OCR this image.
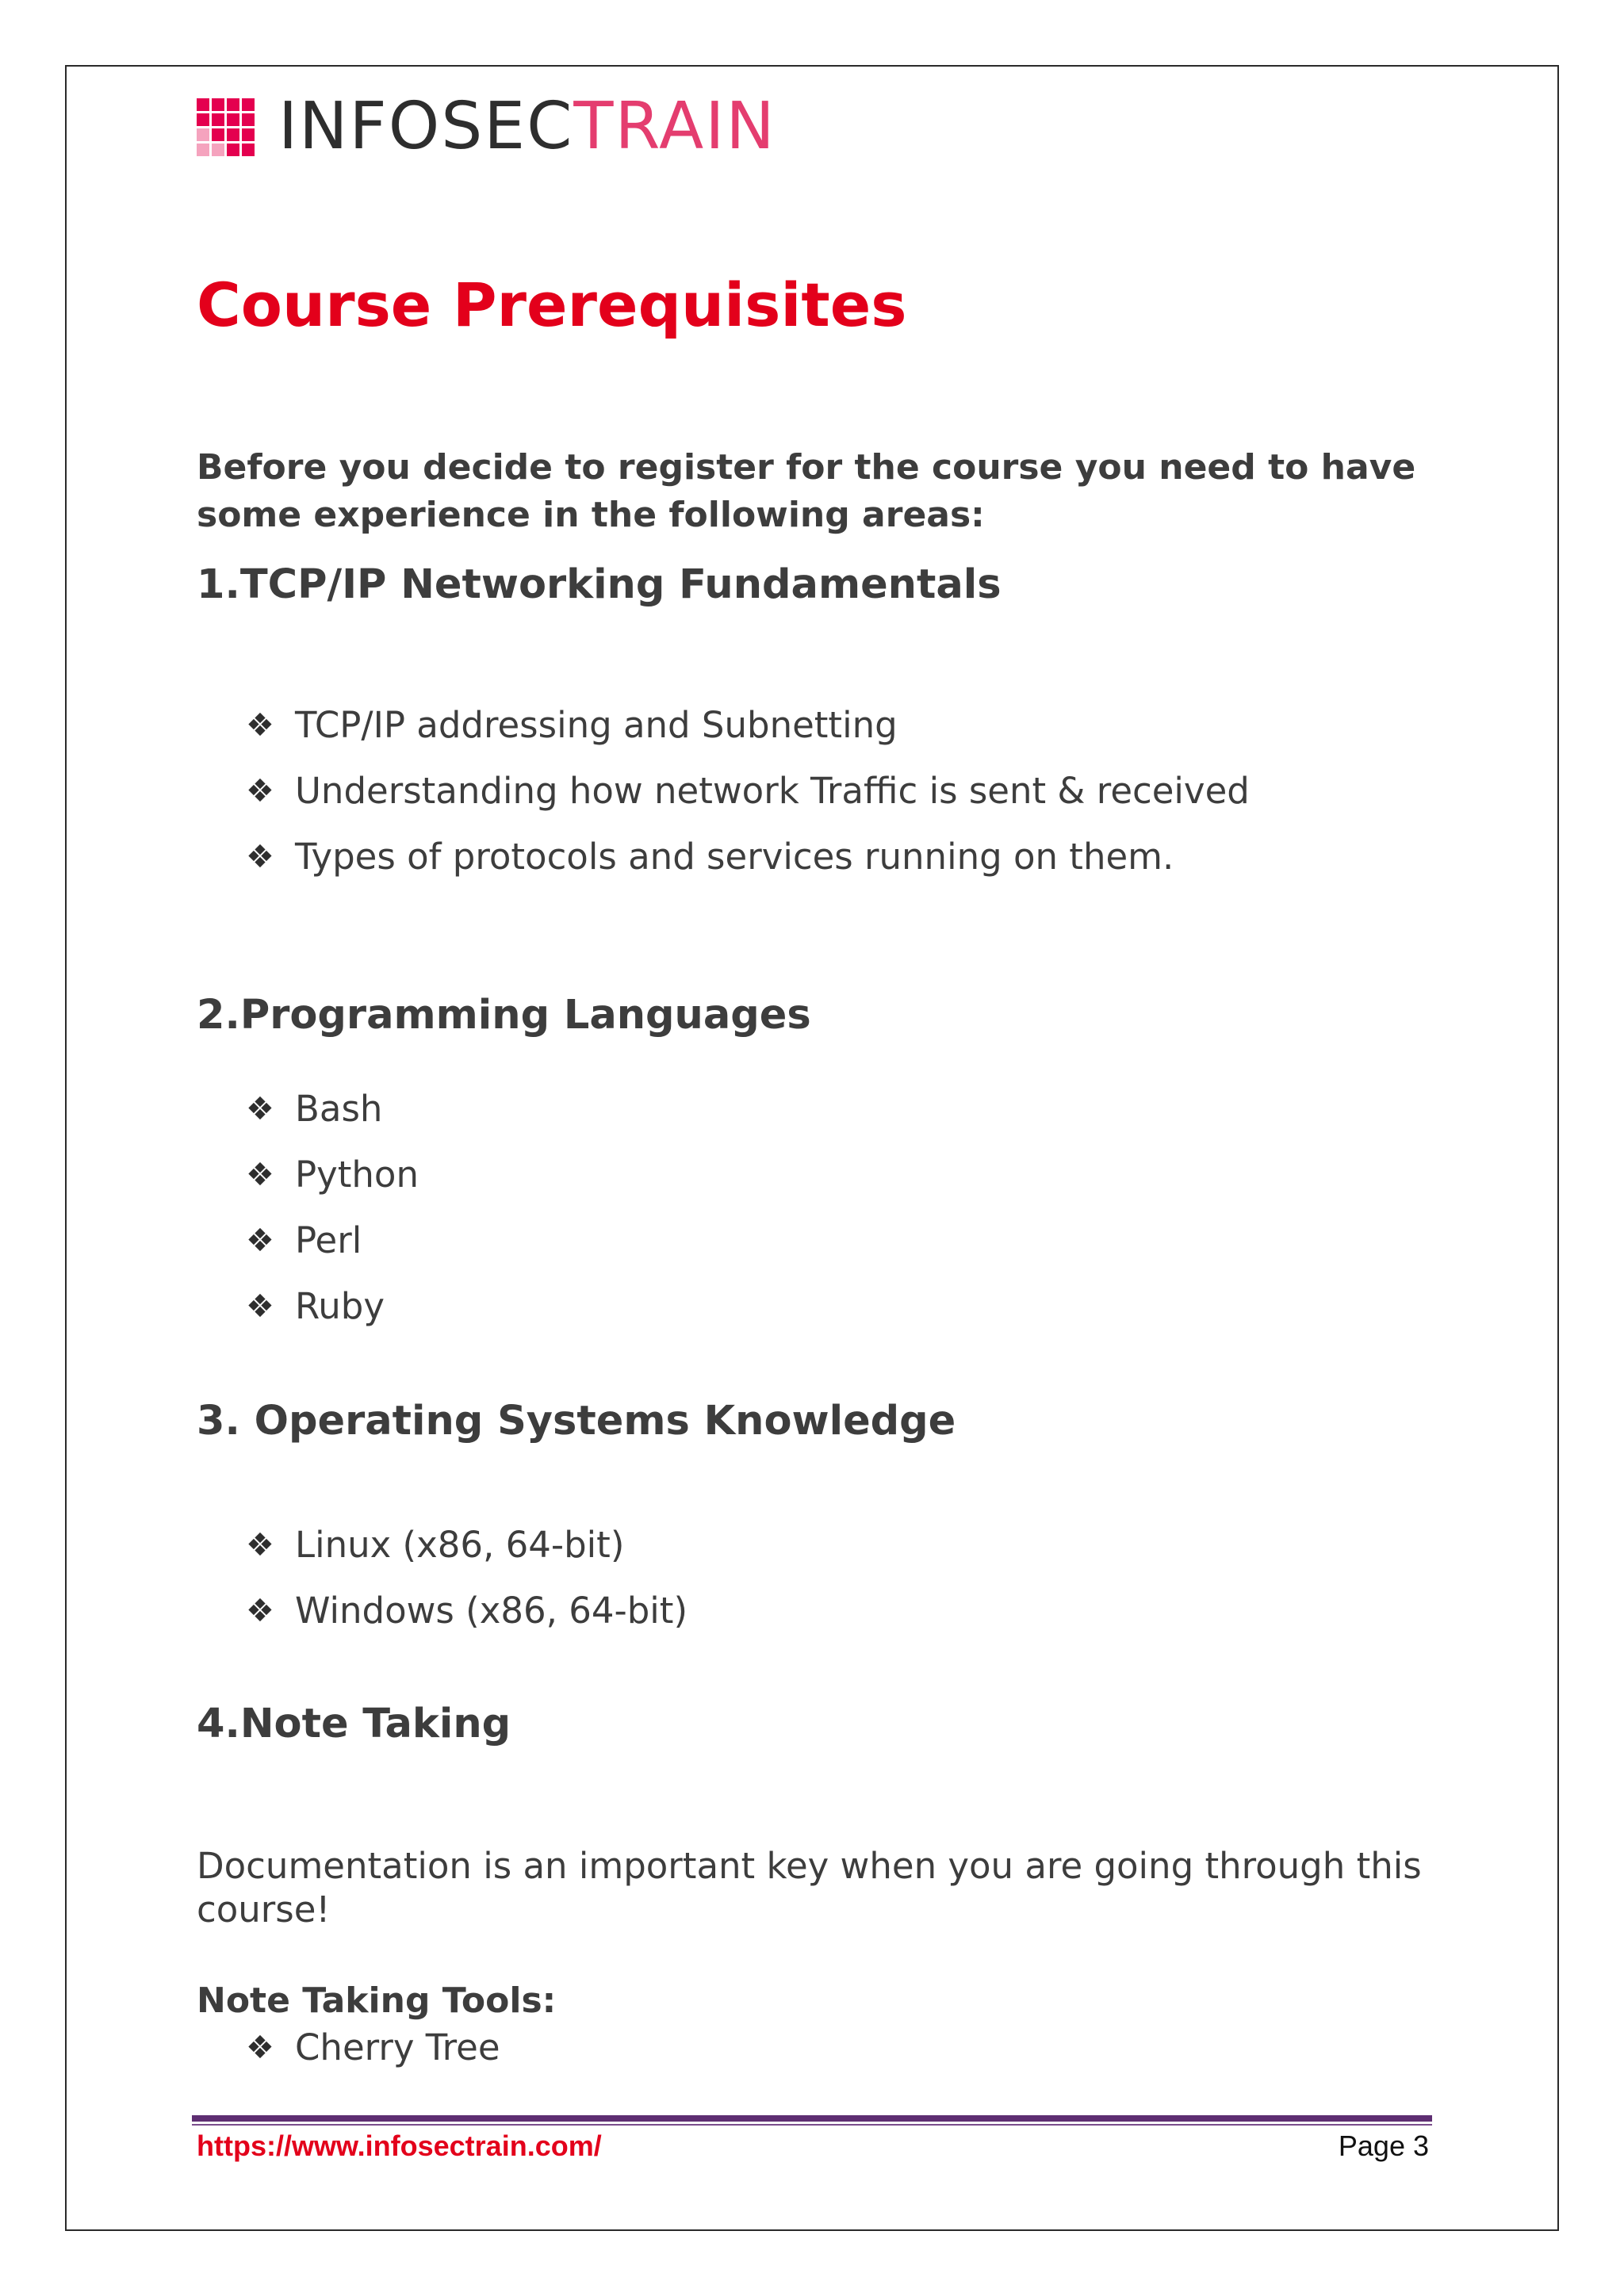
INFOSECTRAIN
Course Prerequisites

Before you decide to register for the course you need to have some experience in the following areas:

1.TCP/IP Networking Fundamentals
❖ TCP/IP addressing and Subnetting
❖ Understanding how network Traffic is sent & received
❖ Types of protocols and services running on them.
2.Programming Languages
❖ Bash
❖ Python
❖ Perl
❖ Ruby
3. Operating Systems Knowledge
❖ Linux (x86, 64-bit)
❖ Windows (x86, 64-bit)
4.Note Taking

Documentation is an important key when you are going through this course!

Note Taking Tools:
❖ Cherry Tree
https://www.infosectrain.com/	Page 3
